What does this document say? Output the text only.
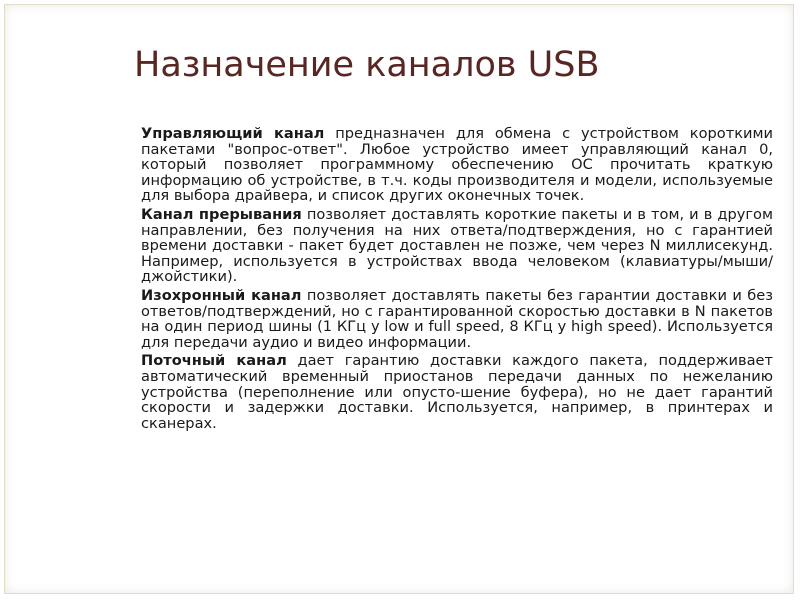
Назначение каналов USB

Управляющий канал предназначен для обмена с устройством короткими пакетами "вопрос-ответ". Любое устройство имеет управляющий канал 0, который позволяет программному обеспечению ОС прочитать краткую информацию об устройстве, в т.ч. коды производителя и модели, используемые для выбора драйвера, и список других оконечных точек.

Канал прерывания позволяет доставлять короткие пакеты и в том, и в другом направлении, без получения на них ответа/подтверждения, но с гарантией времени доставки - пакет будет доставлен не позже, чем через N миллисекунд. Например, используется в устройствах ввода человеком (клавиатуры/мыши/джойстики).

Изохронный канал позволяет доставлять пакеты без гарантии доставки и без ответов/подтверждений, но с гарантированной скоростью доставки в N пакетов на один период шины (1 КГц у low и full speed, 8 КГц у high speed). Используется для передачи аудио и видео информации.

Поточный канал дает гарантию доставки каждого пакета, поддерживает автоматический временный приостанов передачи данных по нежеланию устройства (переполнение или опусто-шение буфера), но не дает гарантий скорости и задержки доставки. Используется, например, в принтерах и сканерах.
